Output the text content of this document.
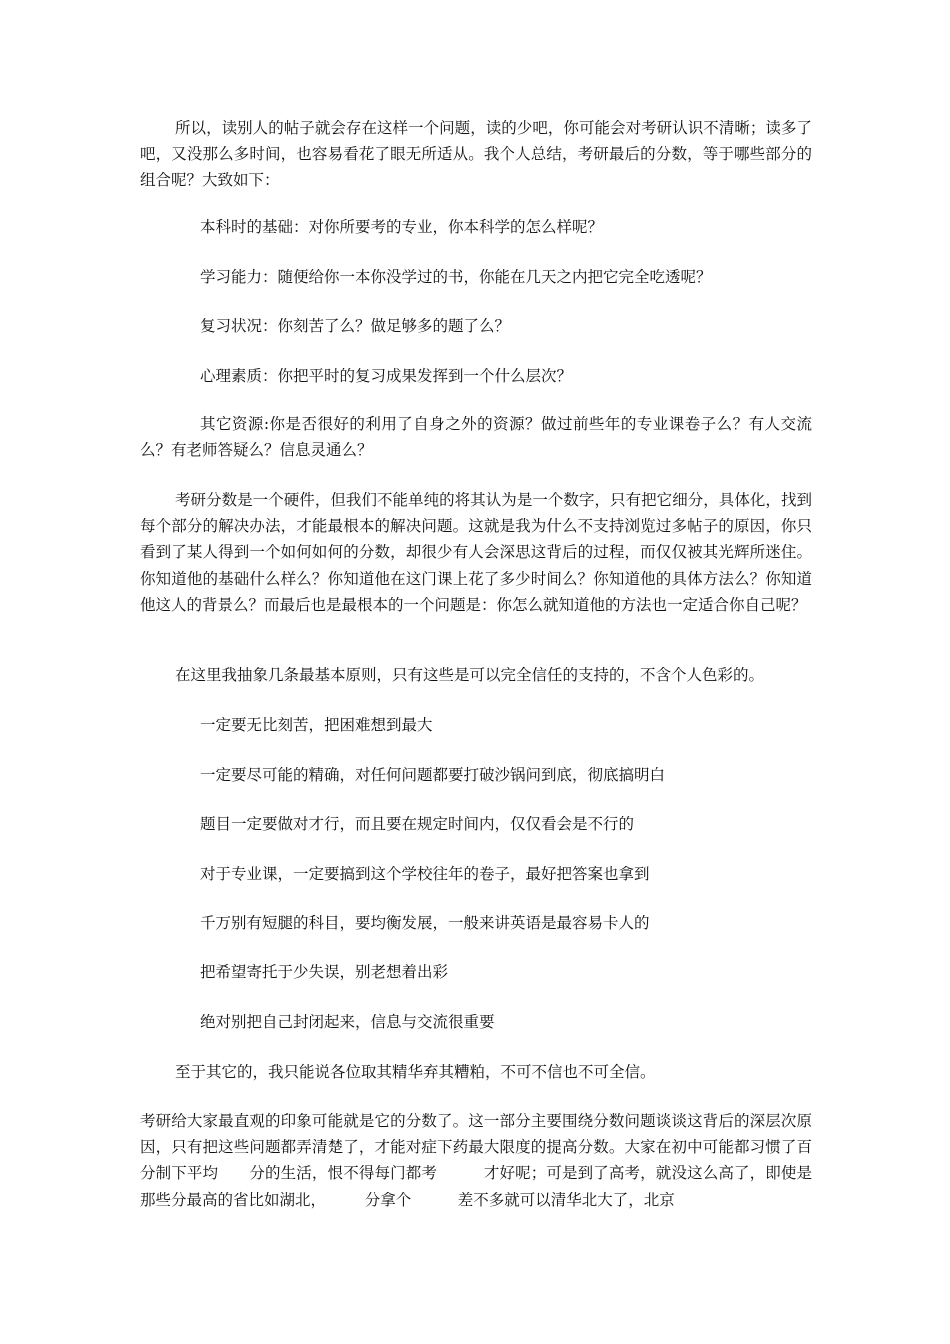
所以，读别人的帖子就会存在这样一个问题，读的少吧，你可能会对考研认识不清晰；读多了吧，又没那么多时间，也容易看花了眼无所适从。我个人总结，考研最后的分数，等于哪些部分的组合呢？大致如下：

本科时的基础：对你所要考的专业，你本科学的怎么样呢？

学习能力：随便给你一本你没学过的书，你能在几天之内把它完全吃透呢？

复习状况：你刻苦了么？做足够多的题了么？

心理素质：你把平时的复习成果发挥到一个什么层次？

其它资源:你是否很好的利用了自身之外的资源？做过前些年的专业课卷子么？有人交流么？有老师答疑么？信息灵通么？

考研分数是一个硬件，但我们不能单纯的将其认为是一个数字，只有把它细分，具体化，找到每个部分的解决办法，才能最根本的解决问题。这就是我为什么不支持浏览过多帖子的原因，你只看到了某人得到一个如何如何的分数，却很少有人会深思这背后的过程，而仅仅被其光辉所迷住。你知道他的基础什么样么？你知道他在这门课上花了多少时间么？你知道他的具体方法么？你知道他这人的背景么？而最后也是最根本的一个问题是：你怎么就知道他的方法也一定适合你自己呢？

在这里我抽象几条最基本原则，只有这些是可以完全信任的支持的，不含个人色彩的。

一定要无比刻苦，把困难想到最大

一定要尽可能的精确，对任何问题都要打破沙锅问到底，彻底搞明白

题目一定要做对才行，而且要在规定时间内，仅仅看会是不行的

对于专业课，一定要搞到这个学校往年的卷子，最好把答案也拿到

千万别有短腿的科目，要均衡发展，一般来讲英语是最容易卡人的

把希望寄托于少失误，别老想着出彩

绝对别把自己封闭起来，信息与交流很重要

至于其它的，我只能说各位取其精华弃其糟粕，不可不信也不可全信。

考研给大家最直观的印象可能就是它的分数了。这一部分主要围绕分数问题谈谈这背后的深层次原因，只有把这些问题都弄清楚了，才能对症下药最大限度的提高分数。大家在初中可能都习惯了百分制下平均　　分的生活，恨不得每门都考　　　才好呢；可是到了高考，就没这么高了，即使是那些分最高的省比如湖北，　　　分拿个　　　差不多就可以清华北大了，北京
